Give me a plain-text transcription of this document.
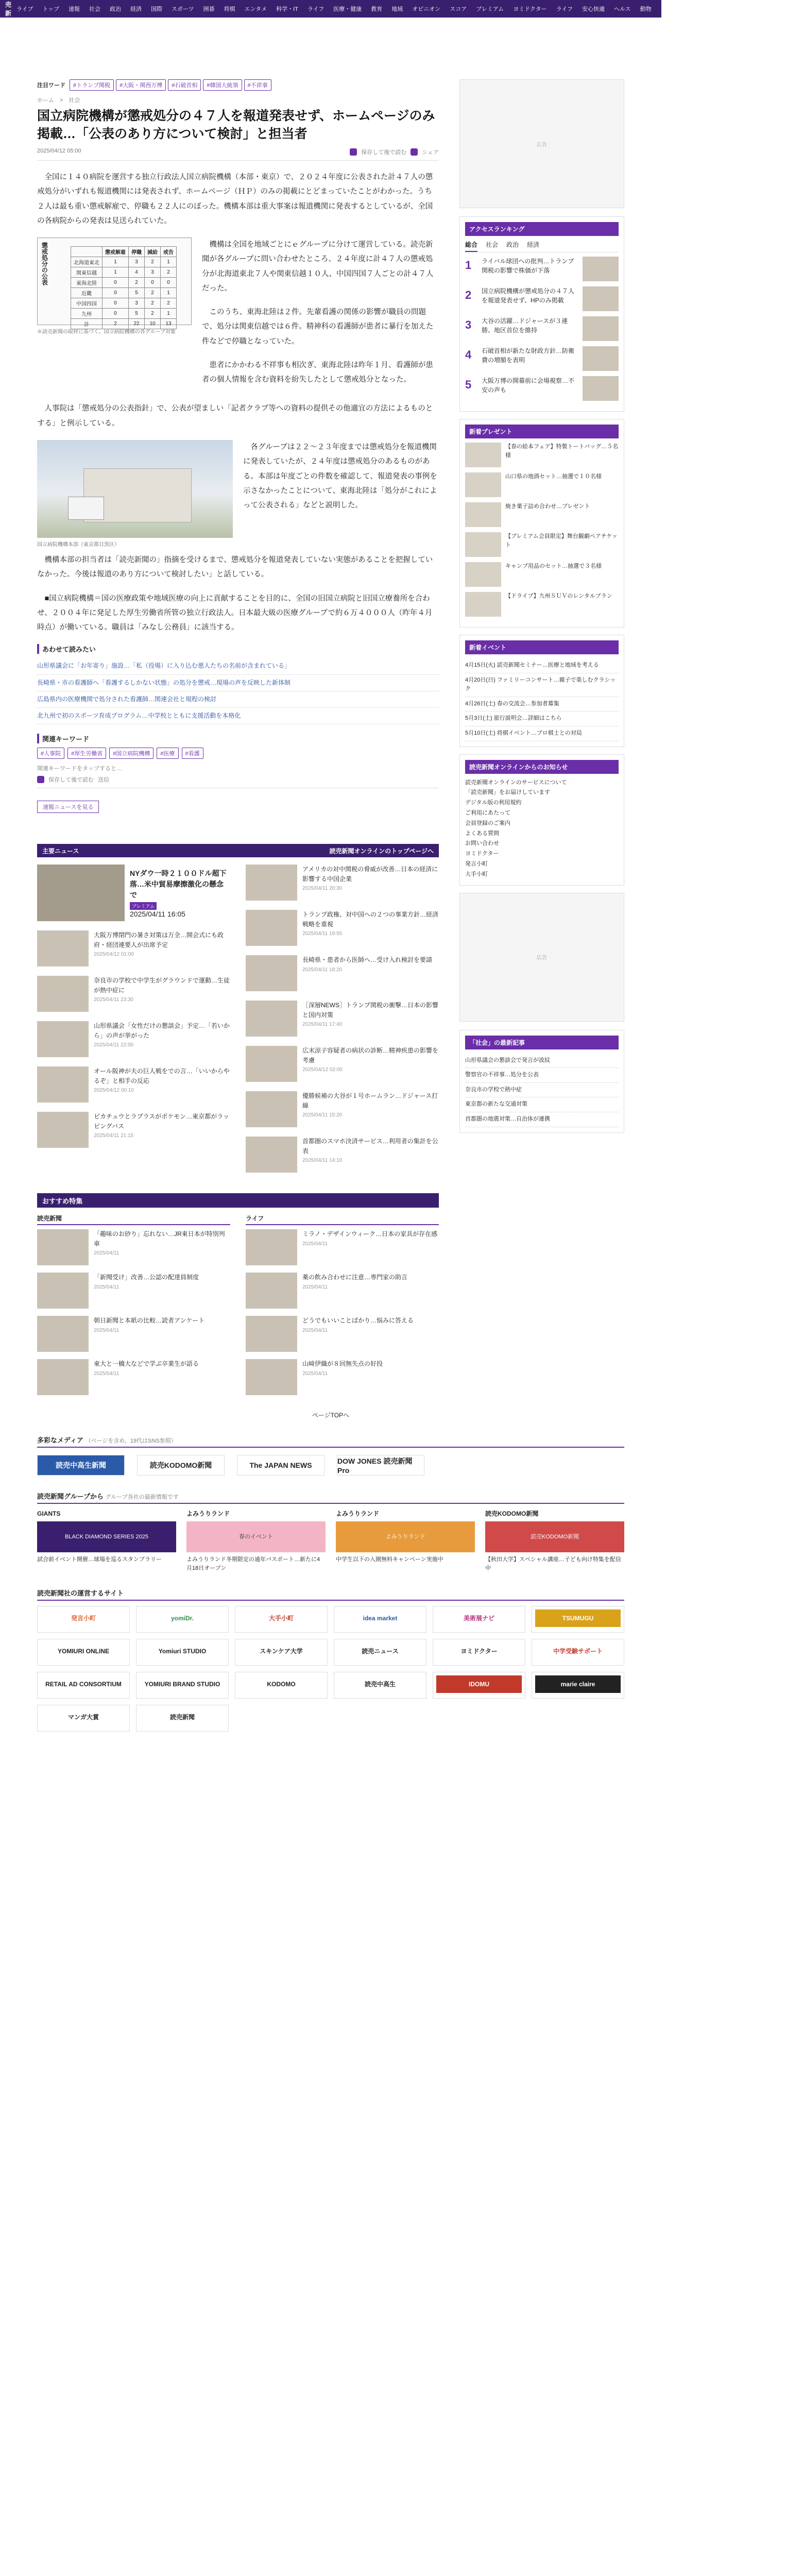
売新聞
ライブ	トップ	速報	社会	政治	経済	国際	スポーツ	囲碁	将棋	エンタメ	科学・IT	ライフ	医療・健康	教育	地域	オピニオン	スコア	プレミアム	ヨミドクター	ライフ	安心快適	ヘルス	動物	ヨミドクター	発言小町	大手小町	会員
注目ワード	#トランプ関税	#大阪・関西万博	#石破首相	#韓国大統領	#不祥事
ホーム　>　社会
国立病院機構が懲戒処分の４７人を報道発表せず、ホームページのみ掲載…「公表のあり方について検討」と担当者
2025/04/12 05:00	保存して後で読む	シェア

全国に１４０病院を運営する独立行政法人国立病院機構（本部・東京）で、２０２４年度に公表された計４７人の懲戒処分がいずれも報道機関には発表されず、ホームページ（ＨＰ）のみの掲載にとどまっていたことがわかった。うち２人は最も重い懲戒解雇で、停職も２２人にのぼった。機構本部は重大事案は報道機関に発表するとしているが、全国の各病院からの発表は見送られていた。

懲戒処分の公表
		懲戒解雇	停職	減給	戒告
北海道東北	1	3	2	1
関東信越	1	4	3	2
東海北陸	0	2	0	0
近畿	0	5	2	1
中国四国	0	3	2	2
九州	0	5	2	1
計	2	22	10	13
※読売新聞の取材に基づく。国立病院機構の各グループ対象

機構は全国を地域ごとにｅグループに分けて運営している。読売新聞が各グループに問い合わせたところ、２４年度に計４７人の懲戒処分が北海道東北７人や関東信越１０人、中国四国７人ごとの計４７人だった。

このうち、東海北陸は２件。先輩看護の関係の影響が職員の問題で、処分は関東信越では６件。精神科の看護師が患者に暴行を加えた件などで停職となっていた。

患者にかかわる不祥事も相次ぎ、東海北陸は昨年１月、看護師が患者の個人情報を含む資料を紛失したとして懲戒処分となった。

人事院は「懲戒処分の公表指針」で、公表が望ましい「記者クラブ等への資料の提供その他適宜の方法によるものとする」と例示している。

国立病院機構本部（東京都目黒区）

各グループは２２～２３年度までは懲戒処分を報道機関に発表していたが、２４年度は懲戒処分のあるものがある。本部は年度ごとの件数を確認して、報道発表の事例を示さなかったことについて、東海北陸は「処分がこれによって公表される」などと説明した。

機構本部の担当者は「読売新聞の」指摘を受けるまで、懲戒処分を報道発表していない実態があることを把握していなかった。今後は報道のあり方について検討したい」と話している。

■国立病院機構＝国の医療政策や地域医療の向上に貢献することを目的に、全国の旧国立病院と旧国立療養所を合わせ、２００４年に発足した厚生労働省所管の独立行政法人。日本最大級の医療グループで約６万４０００人（昨年４月時点）が働いている。職員は「みなし公務員」に該当する。

あわせて読みたい
山形県議会に「お年寄り」施設…「私（役場）に入り込む悪人たちの名前が含まれている」
長崎県・市の看護師へ「看護するしかない状態」の処分を懲戒…現場の声を反映した新体制
広島県内の医療機関で処分された看護師…関連会社と規程の検討
北九州で初のスポーツ育成プログラム…中学校とともに支援活動を本格化
関連キーワード
#人事院	#厚生労働省	#国立病院機構	#医療	#看護
関連キーワードをタップすると…
保存して後で読む 送信
速報ニュースを見る
主要ニュース	読売新聞オンラインのトップページへ
NYダウ一時２１００ドル超下落…米中貿易摩擦激化の懸念で
プレミアム
2025/04/11 16:05
大阪万博閉門の暑さ対策は万全…開会式にも政府・経団連要人が出席予定
2025/04/12 01:00
奈良市の学校で中学生がグラウンドで運動…生徒が熱中症に
2025/04/11 23:30
山形県議会「女性だけの懇談会」予定…「若いから」の声が挙がった
2025/04/11 22:00
オール阪神が夫の巨人戦をでの言…「いいからやるぞ」と相手の反応
2025/04/12 00:10
ピカチュウとラプラスがポケモン…東京都がラッピングバス
2025/04/11 21:15
アメリカの対中関税の脅威が改善…日本の経済に影響する中国企業
2025/04/11 20:30
トランプ政権、対中国への２つの事業方針…経済戦略を重視
2025/04/11 19:55
長崎県・患者から医師へ…受け入れ検討を要請
2025/04/11 18:20
［深層NEWS］トランプ関税の衝撃…日本の影響と国内対策
2025/04/11 17:40
広末涼子容疑者の病状の診断…精神疾患の影響を考慮
2025/04/12 02:00
優勝候補の大谷が１号ホームラン…ドジャース打線
2025/04/11 15:20
首都圏のスマホ決済サービス…利用者の集計を公表
2025/04/11 14:10
おすすめ特集
読売新聞
「趣味のお砂り」忘れない…JR東日本が特別列車
2025/04/11
「新聞受け」改善…公認の配達員制度
2025/04/11
朝日新聞と本紙の比較…読者アンケート
2025/04/11
東大と一橋大などで学ぶ卒業生が語る
2025/04/11
ライフ
ミラノ・デザインウィーク…日本の家具が存在感
2025/04/11
薬の飲み合わせに注意…専門家の助言
2025/04/11
どうでもいいことばかり…悩みに答える
2025/04/11
山﨑伊織が８回無失点の好投
2025/04/11
広告
アクセスランキング
総合 社会 政治 経済
1	ライバル球団への批判…トランプ関税の影響で株価が下落
2	国立病院機構が懲戒処分の４７人を報道発表せず、HPのみ掲載
3	大谷の活躍…ドジャースが３連勝、地区首位を維持
4	石破首相が新たな財政方針…防衛費の増額を表明
5	大阪万博の開幕前に会場視察…不安の声も
新着プレゼント
【春の絵本フェア】特製トートバッグ…５名様
山口県の地酒セット…抽選で１０名様
焼き菓子詰め合わせ…プレゼント
【プレミアム会員限定】舞台観劇ペアチケット
キャンプ用品のセット…抽選で３名様
【ドライブ】九州ＳＵＶのレンタルプラン
新着イベント
4月15日(火) 読売新聞セミナー…医療と地域を考える
4月20日(日) ファミリーコンサート…親子で楽しむクラシック
4月26日(土) 春の交流会…参加者募集
5月3日(土) 旅行説明会…詳細はこちら
5月10日(土) 将棋イベント…プロ棋士との対局
読売新聞オンラインからのお知らせ
読売新聞オンラインのサービスについて
「読売新聞」をお届けしています
デジタル版の利用規約
ご利用にあたって
会員登録のご案内
よくある質問
お問い合わせ
ヨミドクター
発言小町
大手小町
広告
「社会」の最新記事
山形県議会の懇談会で発言が波紋
警察官の不祥事…処分を公表
奈良市の学校で熱中症
東京都の新たな交通対策
首都圏の地震対策…自治体が連携
ページTOPへ
多彩なメディア （ページを含め、19代はSNS参照）
読売中高生新聞	読売KODOMO新聞	The JAPAN NEWS	DOW JONES 読売新聞 Pro
読売新聞グループから グループ各社の最新情報です
GIANTS
BLACK DIAMOND SERIES 2025
試合前イベント開催…球場を巡るスタンプラリー
よみうりランド
春のイベント
よみうりランド冬期限定の通年パスポート…新たに4月18日オープン
よみうりランド
よみうりランド
中学生以下の入園無料キャンペーン実施中
読売KODOMO新聞
読売KODOMO新聞
【秋田大学】スペシャル講座…子ども向け特集を配信中
読売新聞社の運営するサイト
発言小町	yomiDr.	大手小町	idea market	美術展ナビ	TSUMUGU
YOMIURI ONLINE	Yomiuri STUDIO	スキンケア大学	読売ニュース	ヨミドクター	中学受験サポート
RETAIL AD CONSORTIUM	YOMIURI BRAND STUDIO	KODOMO	読売中高生	IDOMU	marie claire
マンガ大賞	読売新聞
